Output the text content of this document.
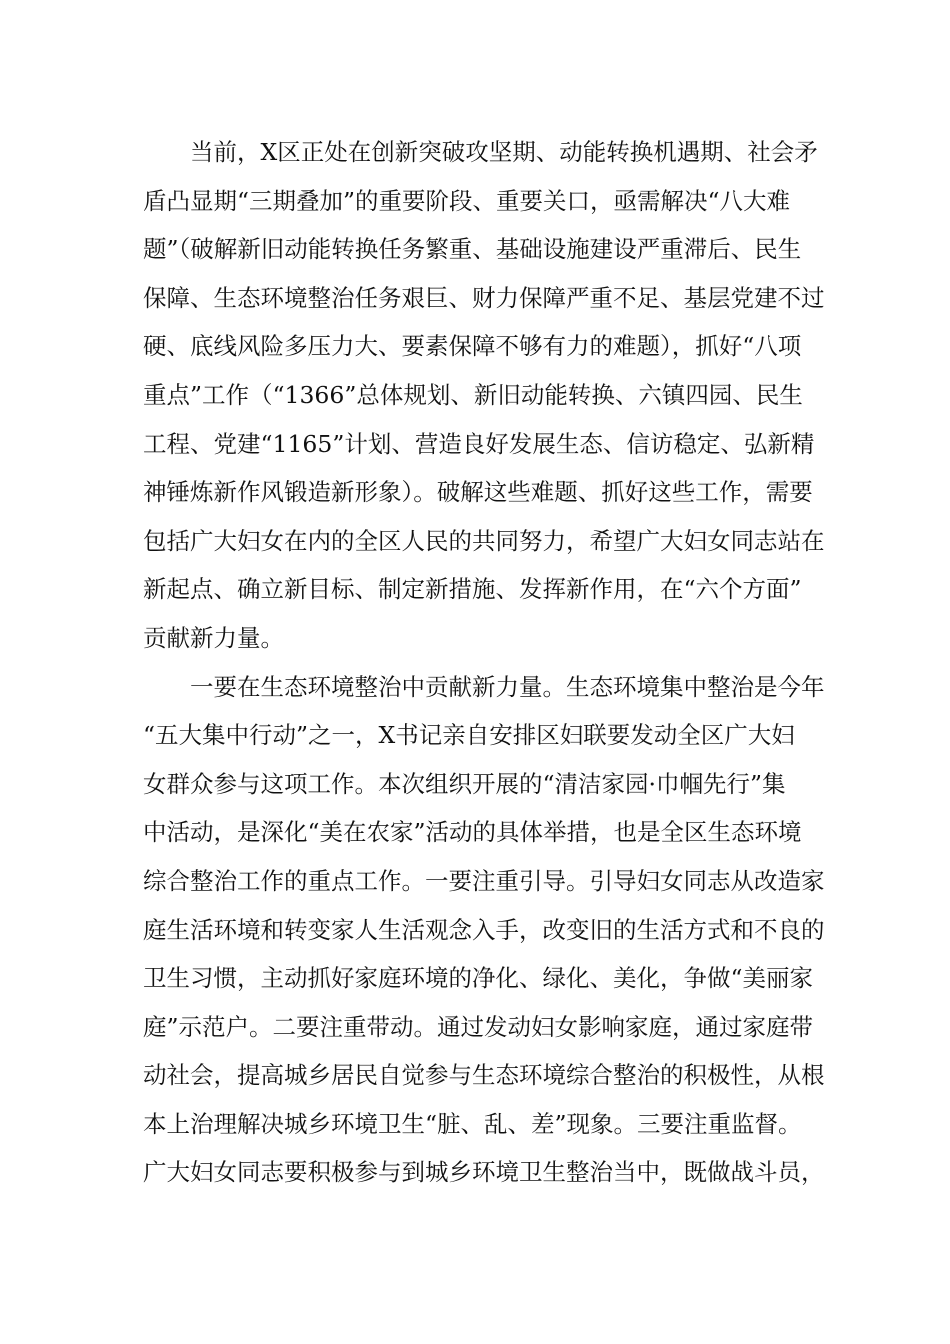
当前，X区正处在创新突破攻坚期、动能转换机遇期、社会矛
盾凸显期“三期叠加”的重要阶段、重要关口，亟需解决“八大难
题”（破解新旧动能转换任务繁重、基础设施建设严重滞后、民生
保障、生态环境整治任务艰巨、财力保障严重不足、基层党建不过
硬、底线风险多压力大、要素保障不够有力的难题），抓好“八项
重点”工作（“1366”总体规划、新旧动能转换、六镇四园、民生
工程、党建“1165”计划、营造良好发展生态、信访稳定、弘新精
神锤炼新作风锻造新形象）。破解这些难题、抓好这些工作，需要
包括广大妇女在内的全区人民的共同努力，希望广大妇女同志站在
新起点、确立新目标、制定新措施、发挥新作用，在“六个方面”
贡献新力量。
一要在生态环境整治中贡献新力量。生态环境集中整治是今年
“五大集中行动”之一，X书记亲自安排区妇联要发动全区广大妇
女群众参与这项工作。本次组织开展的“清洁家园·巾帼先行”集
中活动，是深化“美在农家”活动的具体举措，也是全区生态环境
综合整治工作的重点工作。一要注重引导。引导妇女同志从改造家
庭生活环境和转变家人生活观念入手，改变旧的生活方式和不良的
卫生习惯，主动抓好家庭环境的净化、绿化、美化，争做“美丽家
庭”示范户。二要注重带动。通过发动妇女影响家庭，通过家庭带
动社会，提高城乡居民自觉参与生态环境综合整治的积极性，从根
本上治理解决城乡环境卫生“脏、乱、差”现象。三要注重监督。
广大妇女同志要积极参与到城乡环境卫生整治当中，既做战斗员，
